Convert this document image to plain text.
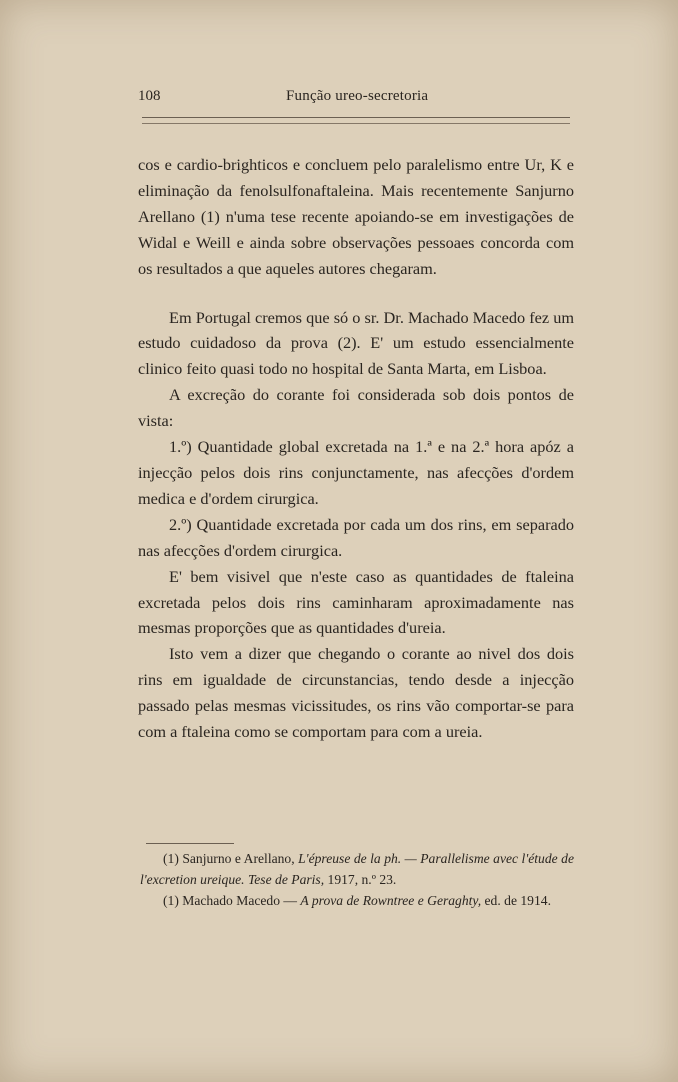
108	Função ureo-secretoria

cos e cardio-brighticos e concluem pelo paralelismo entre Ur, K e eliminação da fenolsulfonaftaleina. Mais recentemente Sanjurno Arellano (1) n'uma tese recente apoiando-se em investigações de Widal e Weill e ainda sobre observações pessoaes concorda com os resultados a que aqueles autores chegaram.

Em Portugal cremos que só o sr. Dr. Machado Macedo fez um estudo cuidadoso da prova (2). E' um estudo essencialmente clinico feito quasi todo no hospital de Santa Marta, em Lisboa.

A excreção do corante foi considerada sob dois pontos de vista:

1.º) Quantidade global excretada na 1.ª e na 2.ª hora apóz a injecção pelos dois rins conjunctamente, nas afecções d'ordem medica e d'ordem cirurgica.

2.º) Quantidade excretada por cada um dos rins, em separado nas afecções d'ordem cirurgica.

E' bem visivel que n'este caso as quantidades de ftaleina excretada pelos dois rins caminharam aproximadamente nas mesmas proporções que as quantidades d'ureia.

Isto vem a dizer que chegando o corante ao nivel dos dois rins em igualdade de circunstancias, tendo desde a injecção passado pelas mesmas vicissitudes, os rins vão comportar-se para com a ftaleina como se comportam para com a ureia.

(1) Sanjurno e Arellano, L'épreuse de la ph. — Parallelisme avec l'étude de l'excretion ureique. Tese de Paris, 1917, n.º 23.

(1) Machado Macedo — A prova de Rowntree e Geraghty, ed. de 1914.
